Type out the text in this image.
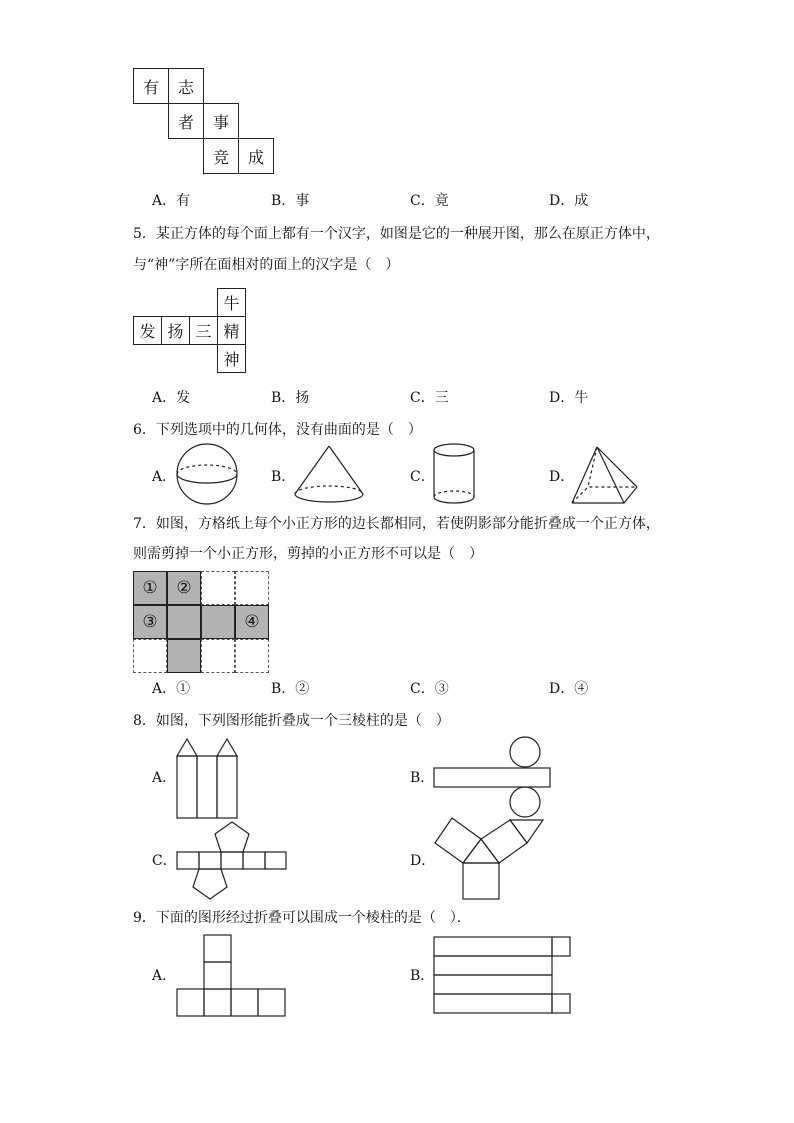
有	志
者	事
竞	成
A．有	B．事	C．竟	D．成
5．某正方体的每个面上都有一个汉字，如图是它的一种展开图，那么在原正方体中，
与“神”字所在面相对的面上的汉字是（　）
牛
发 扬 三 精
神
A．发	B．扬	C．三	D．牛
6．下列选项中的几何体，没有曲面的是（　）
A．	B．	C．	D．
7．如图，方格纸上每个小正方形的边长都相同，若使阴影部分能折叠成一个正方体，
则需剪掉一个小正方形，剪掉的小正方形不可以是（　）
①	②
③	④
A．①	B．②	C．③	D．④
8．如图，下列图形能折叠成一个三棱柱的是（　）
A．	B．
C．	D．
9．下面的图形经过折叠可以围成一个棱柱的是（　）．
A．	B．
